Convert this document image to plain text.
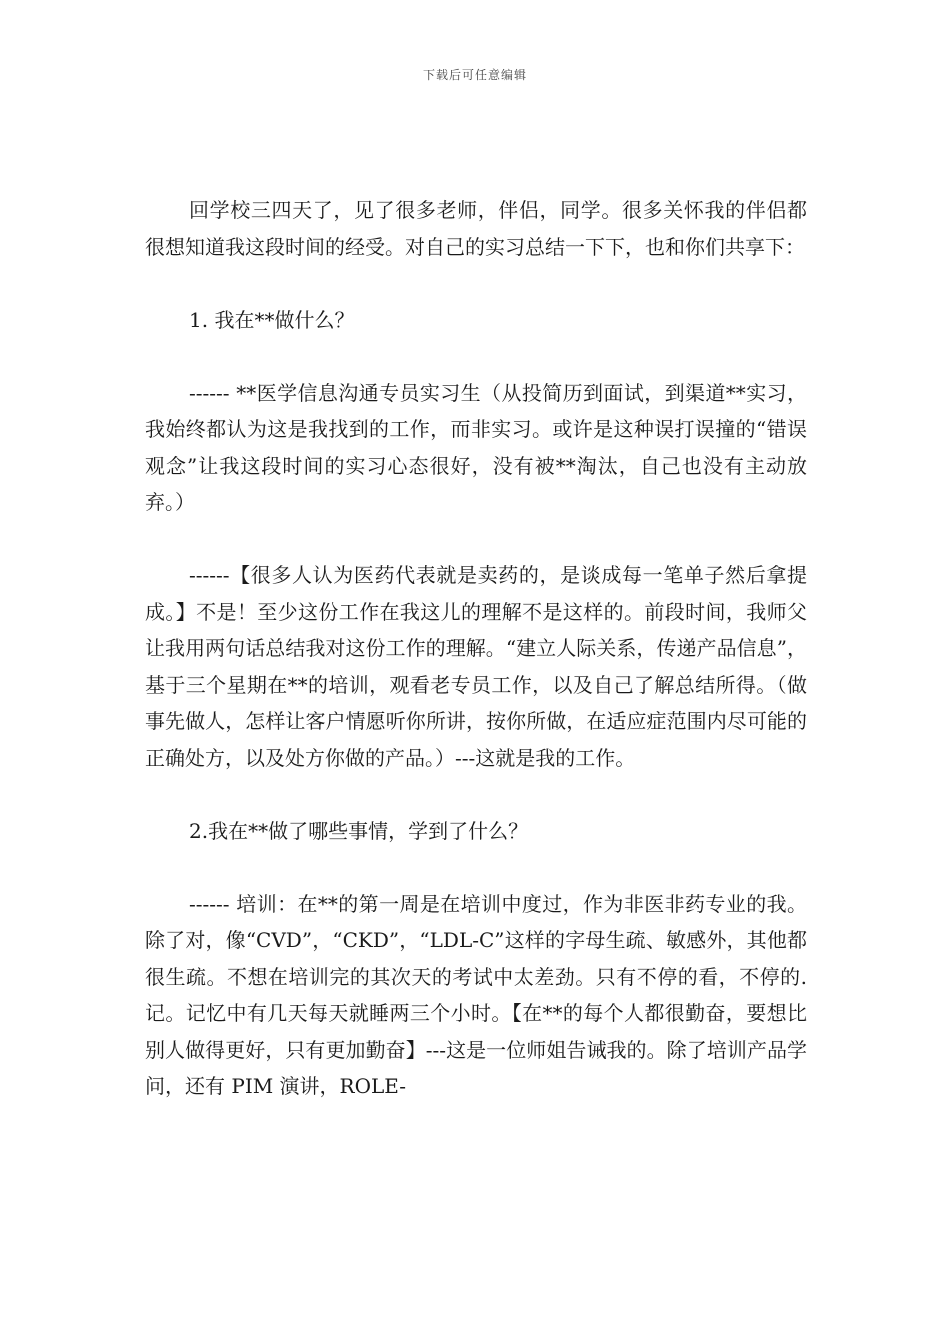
下载后可任意编辑

回学校三四天了，见了很多老师，伴侣，同学。很多关怀我的伴侣都很想知道我这段时间的经受。对自己的实习总结一下下，也和你们共享下：

1. 我在**做什么？

------ **医学信息沟通专员实习生（从投简历到面试，到渠道**实习，我始终都认为这是我找到的工作，而非实习。或许是这种误打误撞的“错误观念”让我这段时间的实习心态很好，没有被**淘汰，自己也没有主动放弃。）

------【很多人认为医药代表就是卖药的，是谈成每一笔单子然后拿提成。】不是！至少这份工作在我这儿的理解不是这样的。前段时间，我师父让我用两句话总结我对这份工作的理解。“建立人际关系，传递产品信息”，基于三个星期在**的培训，观看老专员工作，以及自己了解总结所得。（做事先做人，怎样让客户情愿听你所讲，按你所做，在适应症范围内尽可能的正确处方，以及处方你做的产品。）---这就是我的工作。

2.我在**做了哪些事情，学到了什么？

------ 培训：在**的第一周是在培训中度过，作为非医非药专业的我。除了对，像“CVD”，“CKD”，“LDL-C”这样的字母生疏、敏感外，其他都很生疏。不想在培训完的其次天的考试中太差劲。只有不停的看，不停的.记。记忆中有几天每天就睡两三个小时。【在**的每个人都很勤奋，要想比别人做得更好，只有更加勤奋】---这是一位师姐告诫我的。除了培训产品学问，还有 PIM 演讲，ROLE-
